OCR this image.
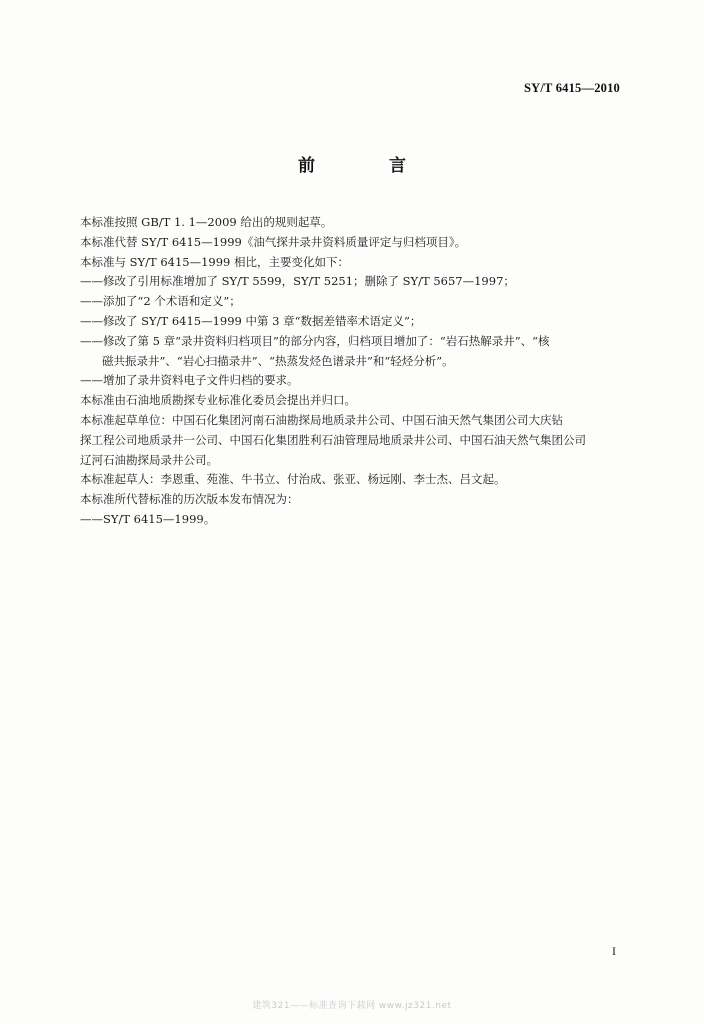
SY/T 6415—2010
前 言

本标准按照 GB/T 1. 1—2009 给出的规则起草。

本标准代替 SY/T 6415—1999《油气探井录井资料质量评定与归档项目》。

本标准与 SY/T 6415—1999 相比，主要变化如下：

——修改了引用标准增加了 SY/T 5599，SY/T 5251；删除了 SY/T 5657—1997；

——添加了“2 个术语和定义”；

——修改了 SY/T 6415—1999 中第 3 章“数据差错率术语定义”；

——修改了第 5 章“录井资料归档项目”的部分内容，归档项目增加了：“岩石热解录井”、“核

磁共振录井”、“岩心扫描录井”、“热蒸发烃色谱录井”和“轻烃分析”。

——增加了录井资料电子文件归档的要求。

本标准由石油地质勘探专业标准化委员会提出并归口。

本标准起草单位：中国石化集团河南石油勘探局地质录井公司、中国石油天然气集团公司大庆钻

探工程公司地质录井一公司、中国石化集团胜利石油管理局地质录井公司、中国石油天然气集团公司

辽河石油勘探局录井公司。

本标准起草人：李恩重、苑淮、牛书立、付治成、张亚、杨远刚、李士杰、吕文起。

本标准所代替标准的历次版本发布情况为：

——SY/T 6415—1999。

I
建筑321——标准查询下载网 www.jz321.net
